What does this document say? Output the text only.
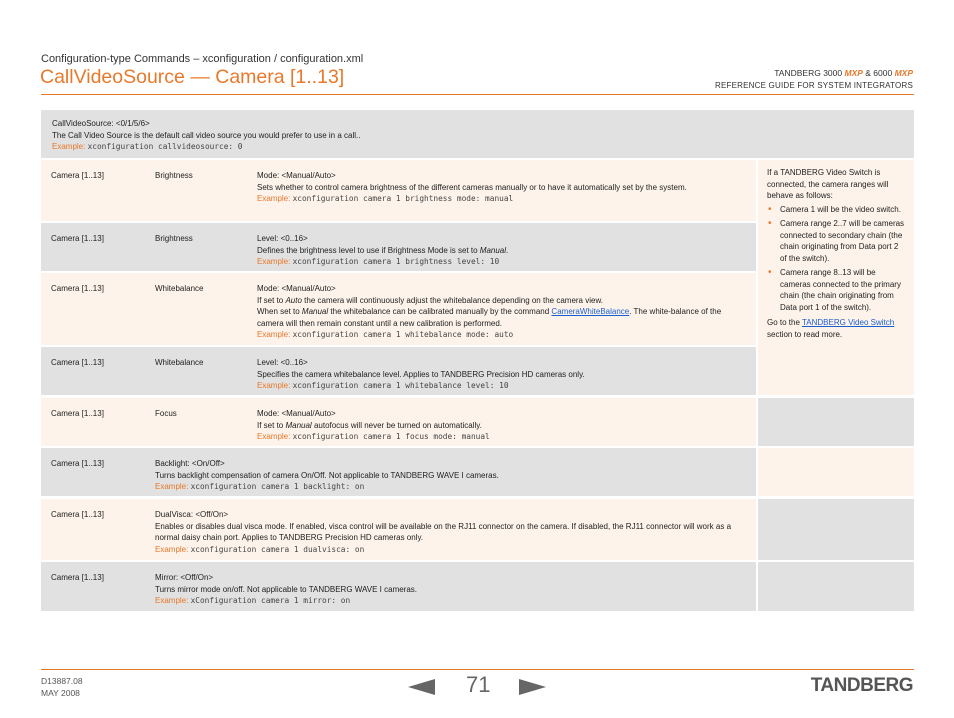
Configuration-type Commands – xconfiguration / configuration.xml
CallVideoSource — Camera [1..13]	TANDBERG 3000 MXP & 6000 MXP
REFERENCE GUIDE FOR SYSTEM INTEGRATORS
CallVideoSource: <0/1/5/6>
The Call Video Source is the default call video source you would prefer to use in a call..
Example: xconfiguration callvideosource: 0
Camera [1..13]	Brightness	Mode: <Manual/Auto>
Sets whether to control camera brightness of the different cameras manually or to have it automatically set by the system.
Example: xconfiguration camera 1 brightness mode: manual
Camera [1..13]	Brightness	Level: <0..16>
Defines the brightness level to use if Brightness Mode is set to Manual.
Example: xconfiguration camera 1 brightness level: 10
Camera [1..13]	Whitebalance	Mode: <Manual/Auto>
If set to Auto the camera will continuously adjust the whitebalance depending on the camera view.
When set to Manual the whitebalance can be calibrated manually by the command CameraWhiteBalance. The white-balance of the camera will then remain constant until a new calibration is performed.
Example: xconfiguration camera 1 whitebalance mode: auto
Camera [1..13]	Whitebalance	Level: <0..16>
Specifies the camera whitebalance level. Applies to TANDBERG Precision HD cameras only.
Example: xconfiguration camera 1 whitebalance level: 10
If a TANDBERG Video Switch is connected, the camera ranges will behave as follows:
• Camera 1 will be the video switch.
• Camera range 2..7 will be cameras connected to secondary chain (the chain originating from Data port 2 of the switch).
• Camera range 8..13 will be cameras connected to the primary chain (the chain originating from Data port 1 of the switch).
Go to the TANDBERG Video Switch section to read more.
Camera [1..13]	Focus	Mode: <Manual/Auto>
If set to Manual autofocus will never be turned on automatically.
Example: xconfiguration camera 1 focus mode: manual
Camera [1..13]	Backlight: <On/Off>
Turns backlight compensation of camera On/Off. Not applicable to TANDBERG WAVE I cameras.
Example: xconfiguration camera 1 backlight: on
Camera [1..13]	DualVisca: <Off/On>
Enables or disables dual visca mode. If enabled, visca control will be available on the RJ11 connector on the camera. If disabled, the RJ11 connector will work as a normal daisy chain port. Applies to TANDBERG Precision HD cameras only.
Example: xconfiguration camera 1 dualvisca: on
Camera [1..13]	Mirror: <Off/On>
Turns mirror mode on/off. Not applicable to TANDBERG WAVE I cameras.
Example: xConfiguration camera 1 mirror: on
D13887.08
MAY 2008	71	TANDBERG
